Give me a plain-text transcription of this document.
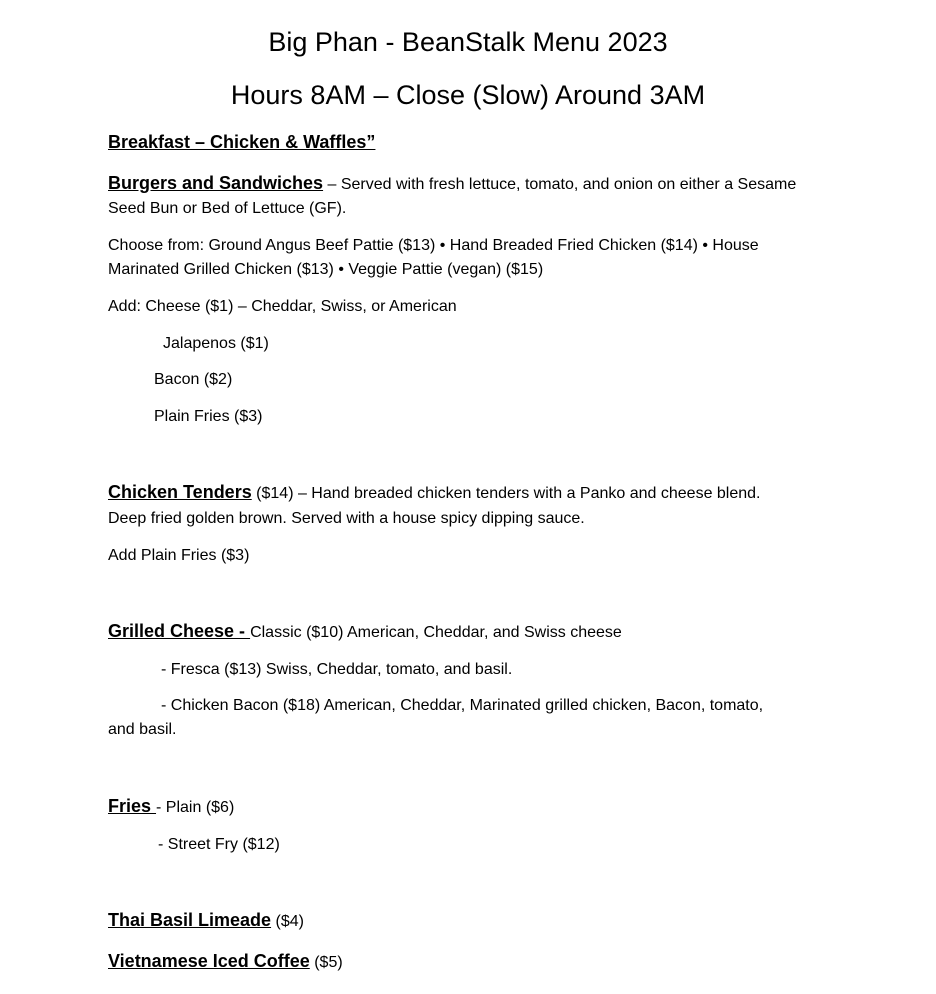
Big Phan - BeanStalk Menu 2023
Hours 8AM – Close (Slow) Around 3AM
Breakfast – Chicken & Waffles”
Burgers and Sandwiches – Served with fresh lettuce, tomato, and onion on either a Sesame
Seed Bun or Bed of Lettuce (GF).
Choose from: Ground Angus Beef Pattie ($13) • Hand Breaded Fried Chicken ($14) • House
Marinated Grilled Chicken ($13) • Veggie Pattie (vegan) ($15)
Add: Cheese ($1) – Cheddar, Swiss, or American
Jalapenos ($1)
Bacon ($2)
Plain Fries ($3)
Chicken Tenders ($14) – Hand breaded chicken tenders with a Panko and cheese blend.
Deep fried golden brown. Served with a house spicy dipping sauce.
Add Plain Fries ($3)
Grilled Cheese - Classic ($10) American, Cheddar, and Swiss cheese
- Fresca ($13) Swiss, Cheddar, tomato, and basil.
- Chicken Bacon ($18) American, Cheddar, Marinated grilled chicken, Bacon, tomato,
and basil.
Fries - Plain ($6)
- Street Fry ($12)
Thai Basil Limeade ($4)
Vietnamese Iced Coffee ($5)
